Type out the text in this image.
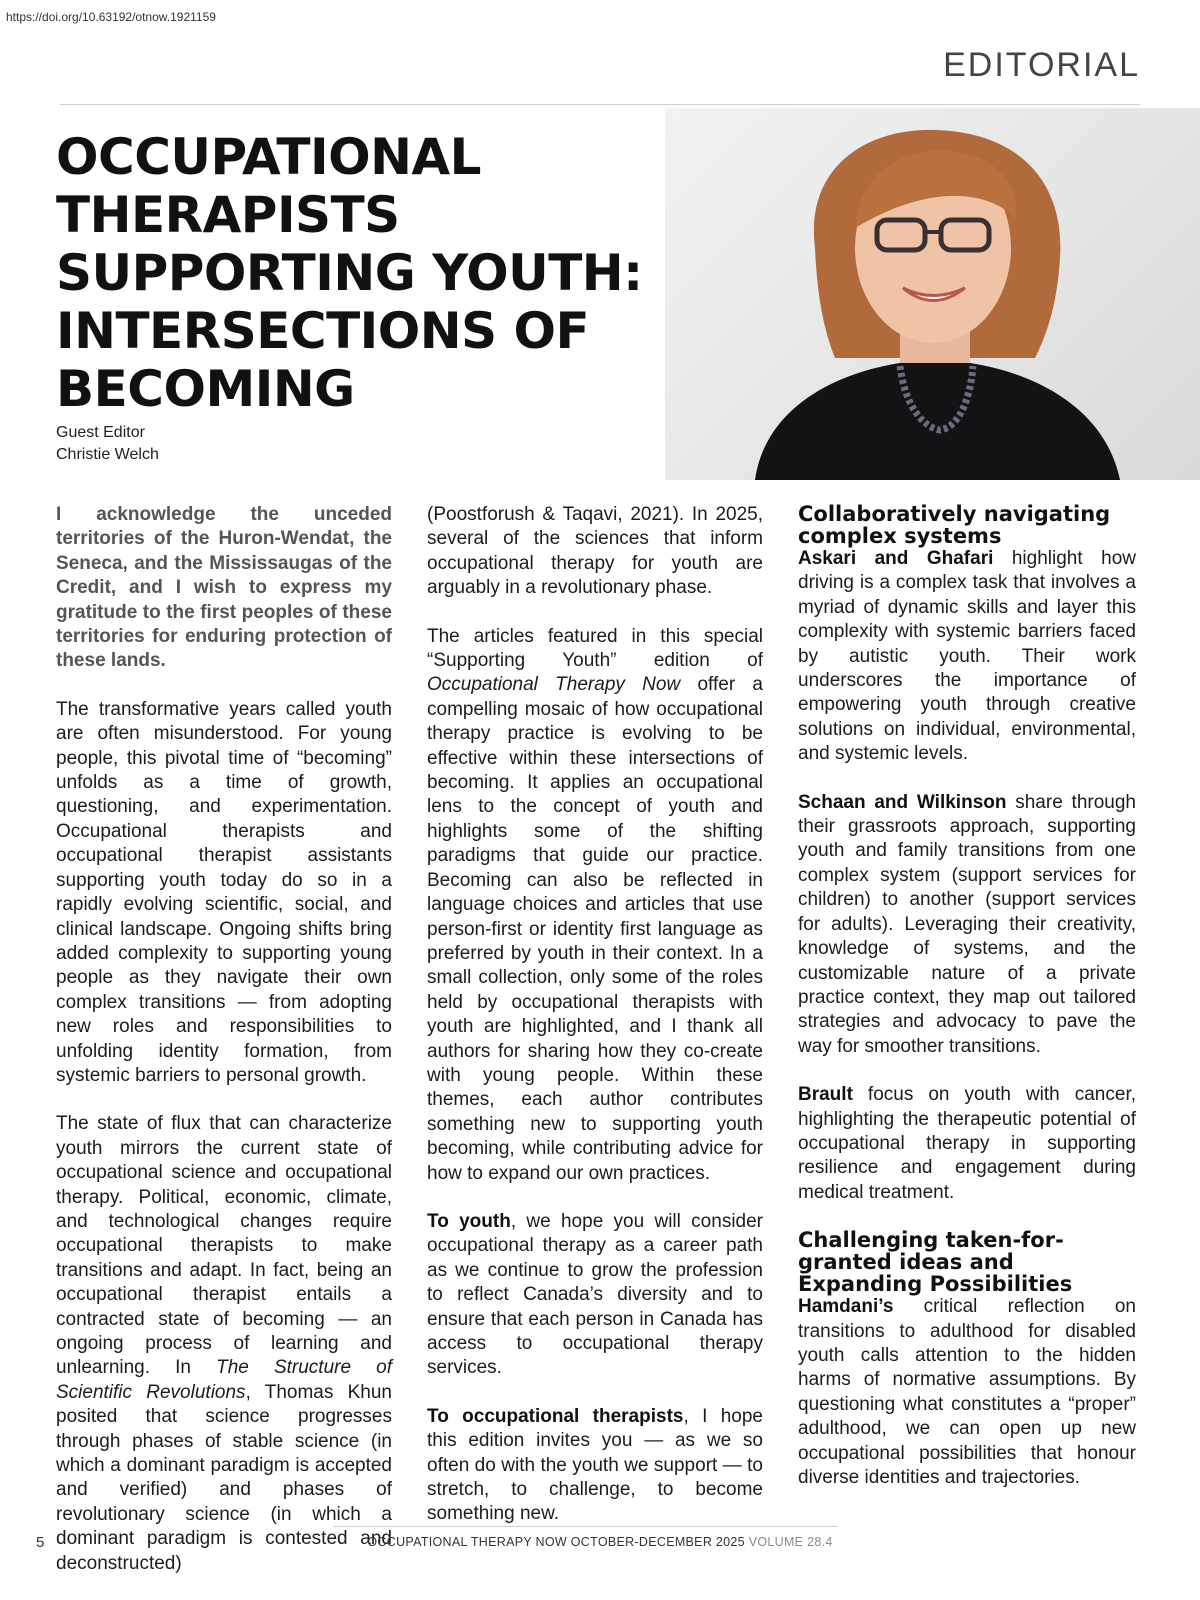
https://doi.org/10.63192/otnow.1921159
EDITORIAL
OCCUPATIONAL THERAPISTS SUPPORTING YOUTH: INTERSECTIONS OF BECOMING
Guest Editor
Christie Welch

I acknowledge the unceded territories of the Huron-Wendat, the Seneca, and the Mississaugas of the Credit, and I wish to express my gratitude to the first peoples of these territories for enduring protection of these lands.

The transformative years called youth are often misunderstood. For young people, this pivotal time of “becoming” unfolds as a time of growth, questioning, and experimentation. Occupational therapists and occupational therapist assistants supporting youth today do so in a rapidly evolving scientific, social, and clinical landscape. Ongoing shifts bring added complexity to supporting young people as they navigate their own complex transitions — from adopting new roles and responsibilities to unfolding identity formation, from systemic barriers to personal growth.

The state of flux that can characterize youth mirrors the current state of occupational science and occupational therapy. Political, economic, climate, and technological changes require occupational therapists to make transitions and adapt. In fact, being an occupational therapist entails a contracted state of becoming — an ongoing process of learning and unlearning. In The Structure of Scientific Revolutions, Thomas Khun posited that science progresses through phases of stable science (in which a dominant paradigm is accepted and verified) and phases of revolutionary science (in which a dominant paradigm is contested and deconstructed)

(Poostforush & Taqavi, 2021). In 2025, several of the sciences that inform occupational therapy for youth are arguably in a revolutionary phase.

The articles featured in this special “Supporting Youth” edition of Occupational Therapy Now offer a compelling mosaic of how occupational therapy practice is evolving to be effective within these intersections of becoming. It applies an occupational lens to the concept of youth and highlights some of the shifting paradigms that guide our practice. Becoming can also be reflected in language choices and articles that use person-first or identity first language as preferred by youth in their context. In a small collection, only some of the roles held by occupational therapists with youth are highlighted, and I thank all authors for sharing how they co-create with young people. Within these themes, each author contributes something new to supporting youth becoming, while contributing advice for how to expand our own practices.

To youth, we hope you will consider occupational therapy as a career path as we continue to grow the profession to reflect Canada’s diversity and to ensure that each person in Canada has access to occupational therapy services.

To occupational therapists, I hope this edition invites you — as we so often do with the youth we support — to stretch, to challenge, to become something new.

Collaboratively navigating complex systems

Askari and Ghafari highlight how driving is a complex task that involves a myriad of dynamic skills and layer this complexity with systemic barriers faced by autistic youth. Their work underscores the importance of empowering youth through creative solutions on individual, environmental, and systemic levels.

Schaan and Wilkinson share through their grassroots approach, supporting youth and family transitions from one complex system (support services for children) to another (support services for adults). Leveraging their creativity, knowledge of systems, and the customizable nature of a private practice context, they map out tailored strategies and advocacy to pave the way for smoother transitions.

Brault focus on youth with cancer, highlighting the therapeutic potential of occupational therapy in supporting resilience and engagement during medical treatment.

Challenging taken-for-granted ideas and Expanding Possibilities

Hamdani’s critical reflection on transitions to adulthood for disabled youth calls attention to the hidden harms of normative assumptions. By questioning what constitutes a “proper” adulthood, we can open up new occupational possibilities that honour diverse identities and trajectories.

5	OCCUPATIONAL THERAPY NOW OCTOBER-DECEMBER 2025 VOLUME 28.4
